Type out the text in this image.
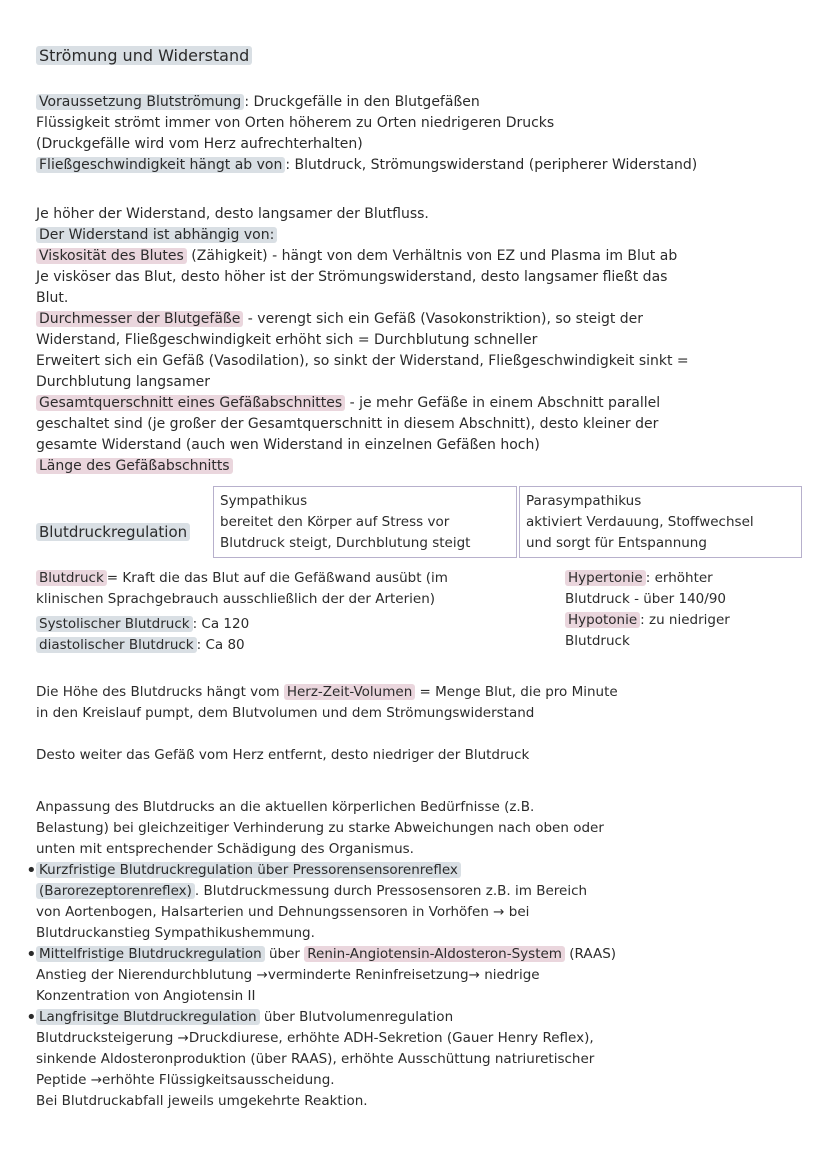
Strömung und Widerstand
Voraussetzung Blutströmung : Druckgefälle in den Blutgefäßen
Flüssigkeit strömt immer von Orten höherem zu Orten niedrigeren Drucks
(Druckgefälle wird vom Herz aufrechterhalten)
Fließgeschwindigkeit hängt ab von : Blutdruck, Strömungswiderstand (peripherer Widerstand)
Je höher der Widerstand, desto langsamer der Blutfluss.
Der Widerstand ist abhängig von:
Viskosität des Blutes (Zähigkeit) - hängt von dem Verhältnis von EZ und Plasma im Blut ab
Je visköser das Blut, desto höher ist der Strömungswiderstand, desto langsamer fließt das
Blut.
Durchmesser der Blutgefäße - verengt sich ein Gefäß (Vasokonstriktion), so steigt der
Widerstand, Fließgeschwindigkeit erhöht sich = Durchblutung schneller
Erweitert sich ein Gefäß (Vasodilation), so sinkt der Widerstand, Fließgeschwindigkeit sinkt =
Durchblutung langsamer
Gesamtquerschnitt eines Gefäßabschnittes - je mehr Gefäße in einem Abschnitt parallel
geschaltet sind (je großer der Gesamtquerschnitt in diesem Abschnitt), desto kleiner der
gesamte Widerstand (auch wen Widerstand in einzelnen Gefäßen hoch)
Länge des Gefäßabschnitts
Blutdruckregulation
Sympathikus
bereitet den Körper auf Stress vor
Blutdruck steigt, Durchblutung steigt
Parasympathikus
aktiviert Verdauung, Stoffwechsel
und sorgt für Entspannung
Blutdruck = Kraft die das Blut auf die Gefäßwand ausübt (im
klinischen Sprachgebrauch ausschließlich der der Arterien)
Systolischer Blutdruck : Ca 120
diastolischer Blutdruck : Ca 80
Hypertonie : erhöhter
Blutdruck - über 140/90
Hypotonie : zu niedriger
Blutdruck
Die Höhe des Blutdrucks hängt vom Herz-Zeit-Volumen = Menge Blut, die pro Minute
in den Kreislauf pumpt, dem Blutvolumen und dem Strömungswiderstand
Desto weiter das Gefäß vom Herz entfernt, desto niedriger der Blutdruck
Anpassung des Blutdrucks an die aktuellen körperlichen Bedürfnisse (z.B.
Belastung) bei gleichzeitiger Verhinderung zu starke Abweichungen nach oben oder
unten mit entsprechender Schädigung des Organismus.
Kurzfristige Blutdruckregulation über Pressorensensorenreflex
(Barorezeptorenreflex) . Blutdruckmessung durch Pressosensoren z.B. im Bereich
von Aortenbogen, Halsarterien und Dehnungssensoren in Vorhöfen → bei
Blutdruckanstieg Sympathikushemmung.
Mittelfristige Blutdruckregulation über Renin-Angiotensin-Aldosteron-System (RAAS)
Anstieg der Nierendurchblutung →verminderte Reninfreisetzung→ niedrige
Konzentration von Angiotensin II
Langfrisitge Blutdruckregulation über Blutvolumenregulation
Blutdrucksteigerung →Druckdiurese, erhöhte ADH-Sekretion (Gauer Henry Reflex),
sinkende Aldosteronproduktion (über RAAS), erhöhte Ausschüttung natriuretischer
Peptide →erhöhte Flüssigkeitsausscheidung.
Bei Blutdruckabfall jeweils umgekehrte Reaktion.
•
•
•
